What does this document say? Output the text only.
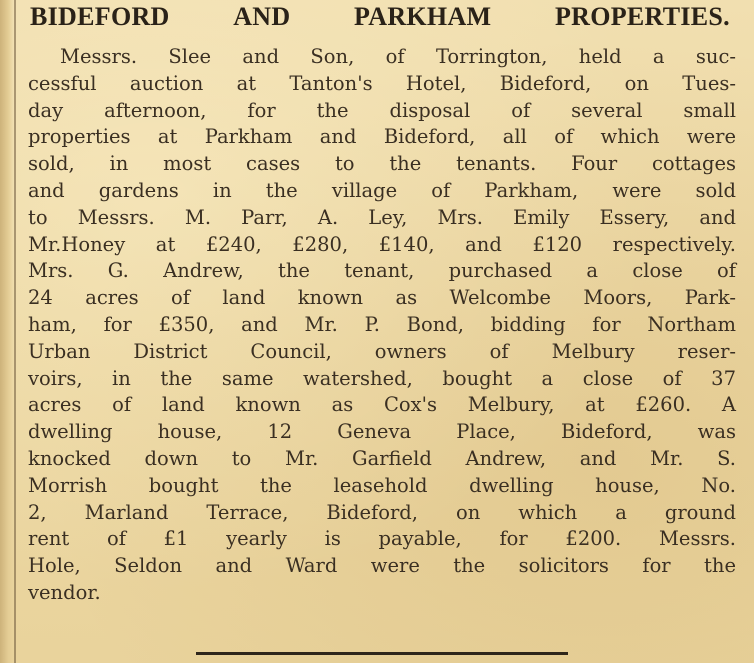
BIDEFORD AND PARKHAM PROPERTIES.
Messrs. Slee and Son, of Torrington, held a suc-
cessful auction at Tanton's Hotel, Bideford, on Tues-
day afternoon, for the disposal of several small
properties at Parkham and Bideford, all of which were
sold, in most cases to the tenants. Four cottages
and gardens in the village of Parkham, were sold
to Messrs. M. Parr, A. Ley, Mrs. Emily Essery, and
Mr.Honey at £240, £280, £140, and £120 respectively.
Mrs. G. Andrew, the tenant, purchased a close of
24 acres of land known as Welcombe Moors, Park-
ham, for £350, and Mr. P. Bond, bidding for Northam
Urban District Council, owners of Melbury reser-
voirs, in the same watershed, bought a close of 37
acres of land known as Cox's Melbury, at £260. A
dwelling house, 12 Geneva Place, Bideford, was
knocked down to Mr. Garfield Andrew, and Mr. S.
Morrish bought the leasehold dwelling house, No.
2, Marland Terrace, Bideford, on which a ground
rent of £1 yearly is payable, for £200. Messrs.
Hole, Seldon and Ward were the solicitors for the
vendor.
